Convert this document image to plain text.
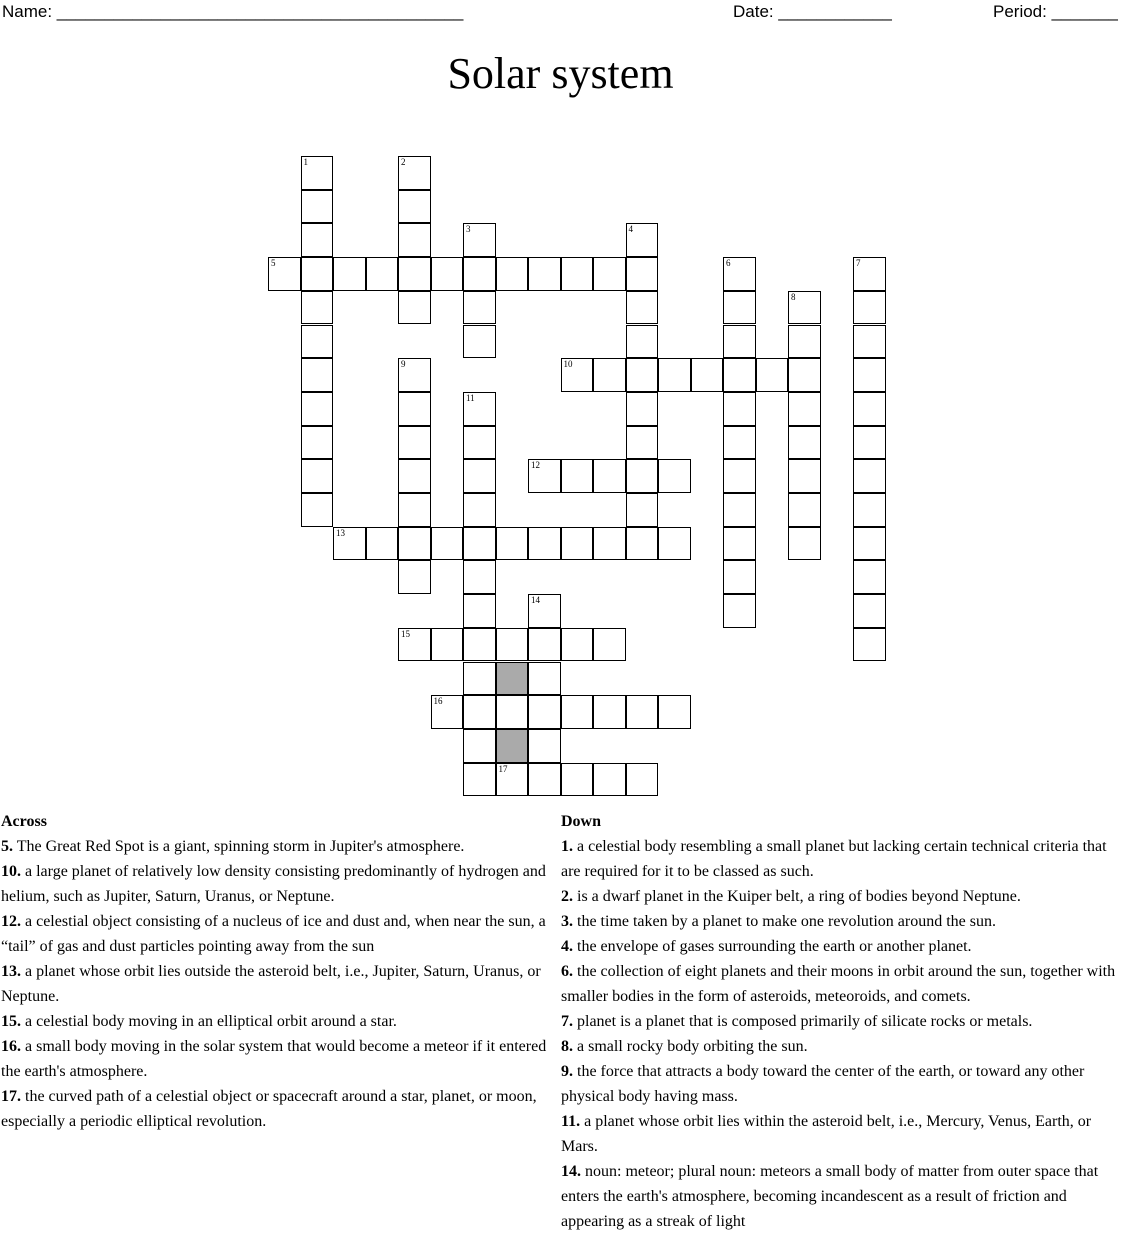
Name: ___________________________________________	Date: ____________	Period: _______
Solar system
1	2
3	4
5	6	7
8
9	10
11
12
13
14
15
16
17
Across
5. The Great Red Spot is a giant, spinning storm in Jupiter's atmosphere.
10. a large planet of relatively low density consisting predominantly of hydrogen and helium, such as Jupiter, Saturn, Uranus, or Neptune.
12. a celestial object consisting of a nucleus of ice and dust and, when near the sun, a “tail” of gas and dust particles pointing away from the sun
13. a planet whose orbit lies outside the asteroid belt, i.e., Jupiter, Saturn, Uranus, or Neptune.
15. a celestial body moving in an elliptical orbit around a star.
16. a small body moving in the solar system that would become a meteor if it entered the earth's atmosphere.
17. the curved path of a celestial object or spacecraft around a star, planet, or moon, especially a periodic elliptical revolution.
Down
1. a celestial body resembling a small planet but lacking certain technical criteria that are required for it to be classed as such.
2. is a dwarf planet in the Kuiper belt, a ring of bodies beyond Neptune.
3. the time taken by a planet to make one revolution around the sun.
4. the envelope of gases surrounding the earth or another planet.
6. the collection of eight planets and their moons in orbit around the sun, together with smaller bodies in the form of asteroids, meteoroids, and comets.
7. planet is a planet that is composed primarily of silicate rocks or metals.
8. a small rocky body orbiting the sun.
9. the force that attracts a body toward the center of the earth, or toward any other physical body having mass.
11. a planet whose orbit lies within the asteroid belt, i.e., Mercury, Venus, Earth, or Mars.
14. noun: meteor; plural noun: meteors a small body of matter from outer space that enters the earth's atmosphere, becoming incandescent as a result of friction and appearing as a streak of light
